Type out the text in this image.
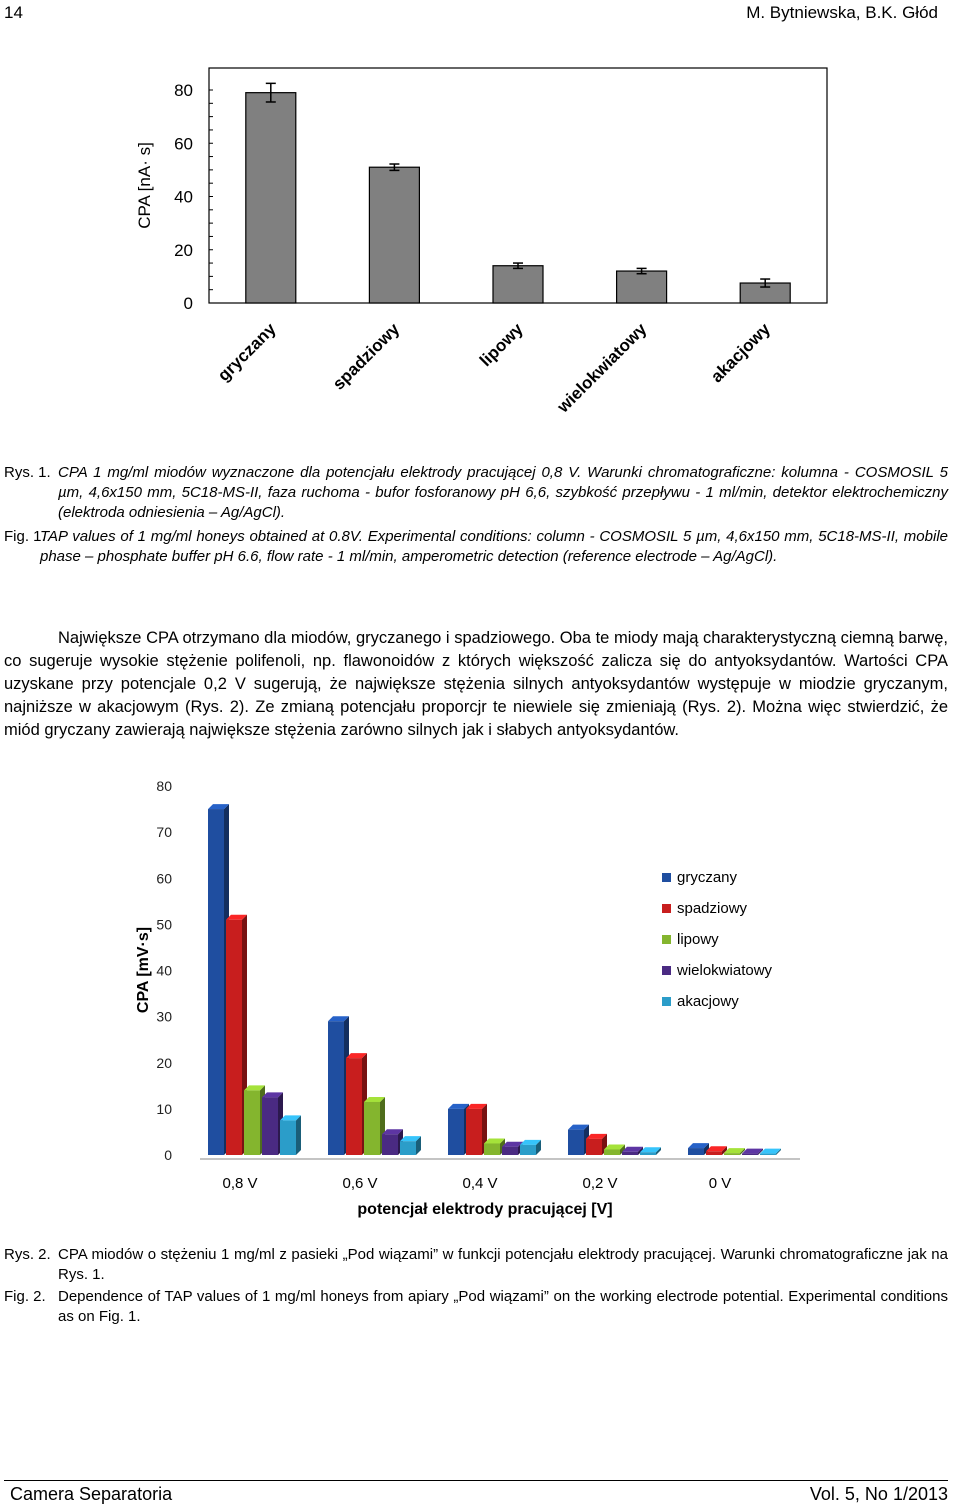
14	M. Bytniewska, B.K. Głód
0
20
40
60
80
gryczany	spadziowy	lipowy wielokwiatowy	akacjowy
CPA [nA· s]
Rys. 1. CPA 1 mg/ml miodów wyznaczone dla potencjału elektrody pracującej 0,8 V. Warunki chromatograficzne: kolumna - COSMOSIL 5 µm, 4,6x150 mm, 5C18-MS-II, faza ruchoma - bufor fosforanowy pH 6,6, szybkość przepływu - 1 ml/min, detektor elektrochemiczny (elektroda odniesienia – Ag/AgCl).
Fig. 1.
TAP values of 1 mg/ml honeys obtained at 0.8V. Experimental conditions: column - COSMOSIL 5 µm, 4,6x150 mm, 5C18-MS-II, mobile phase – phosphate buffer pH 6.6, flow rate - 1 ml/min, amperometric detection (reference electrode – Ag/AgCl).
Największe CPA otrzymano dla miodów, gryczanego i spadziowego. Oba te miody mają charakterystyczną ciemną barwę, co sugeruje wysokie stężenie polifenoli, np. flawonoidów z których większość zalicza się do antyoksydantów. Wartości CPA uzyskane przy potencjale 0,2 V sugerują, że największe stężenia silnych antyoksydantów występuje w miodzie gryczanym, najniższe w akacjowym (Rys. 2). Ze zmianą potencjału proporcjr te niewiele się zmieniają (Rys. 2). Można więc stwierdzić, że miód gryczany zawierają największe stężenia zarówno silnych jak i słabych antyoksydantów.
0
10
20
30
40
50
60
70
80
gryczany
spadziowy
lipowy
wielokwiatowy
akacjowy
0,8 V	0,6 V	0,4 V	0,2 V	0 V
CPA [mV·s]
potencjał elektrody pracującej [V]
Rys. 2. CPA miodów o stężeniu 1 mg/ml z pasieki „Pod wiązami” w funkcji potencjału elektrody pracującej. Warunki chromatograficzne jak na Rys. 1.
Fig. 2. Dependence of TAP values of 1 mg/ml honeys from apiary „Pod wiązami” on the working electrode potential. Experimental conditions as on Fig. 1.
Camera Separatoria	Vol. 5, No 1/2013
